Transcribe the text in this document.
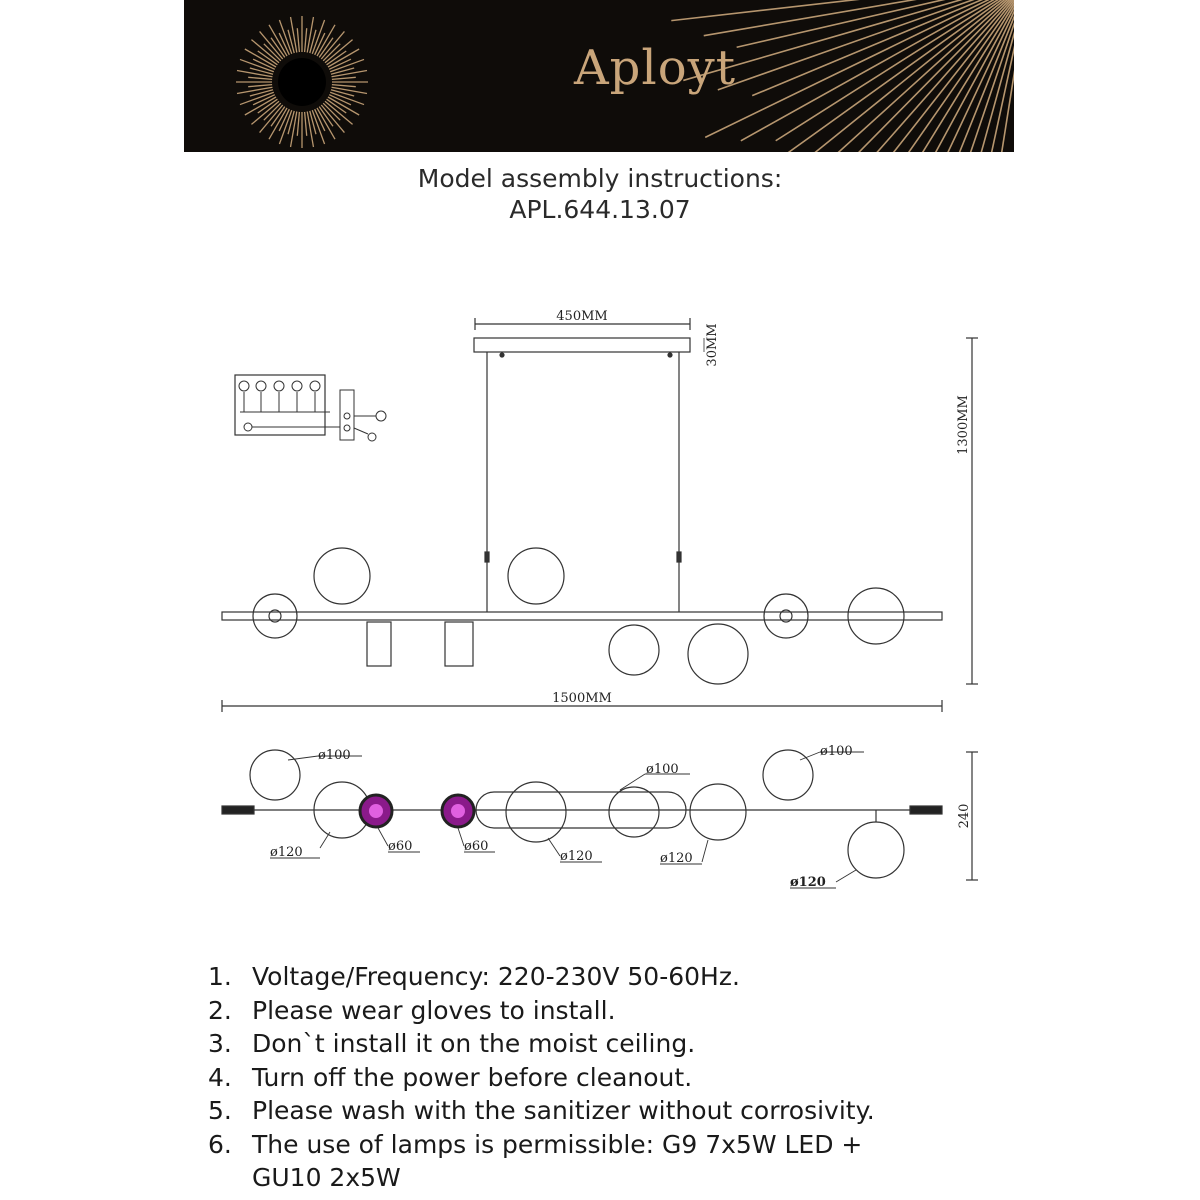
Aployt
Model assembly instructions:
APL.644.13.07
450MM
30MM
1300MM
1500MM
240
ø100	ø100
ø100
ø120	ø60	ø60
ø120	ø120
ø120
1. Voltage/Frequency: 220-230V 50-60Hz.
2. Please wear gloves to install.
3. Don`t install it on the moist ceiling.
4. Turn off the power before cleanout.
5. Please wash with the sanitizer without corrosivity.
6. The use of lamps is permissible: G9 7x5W LED + GU10 2x5W
